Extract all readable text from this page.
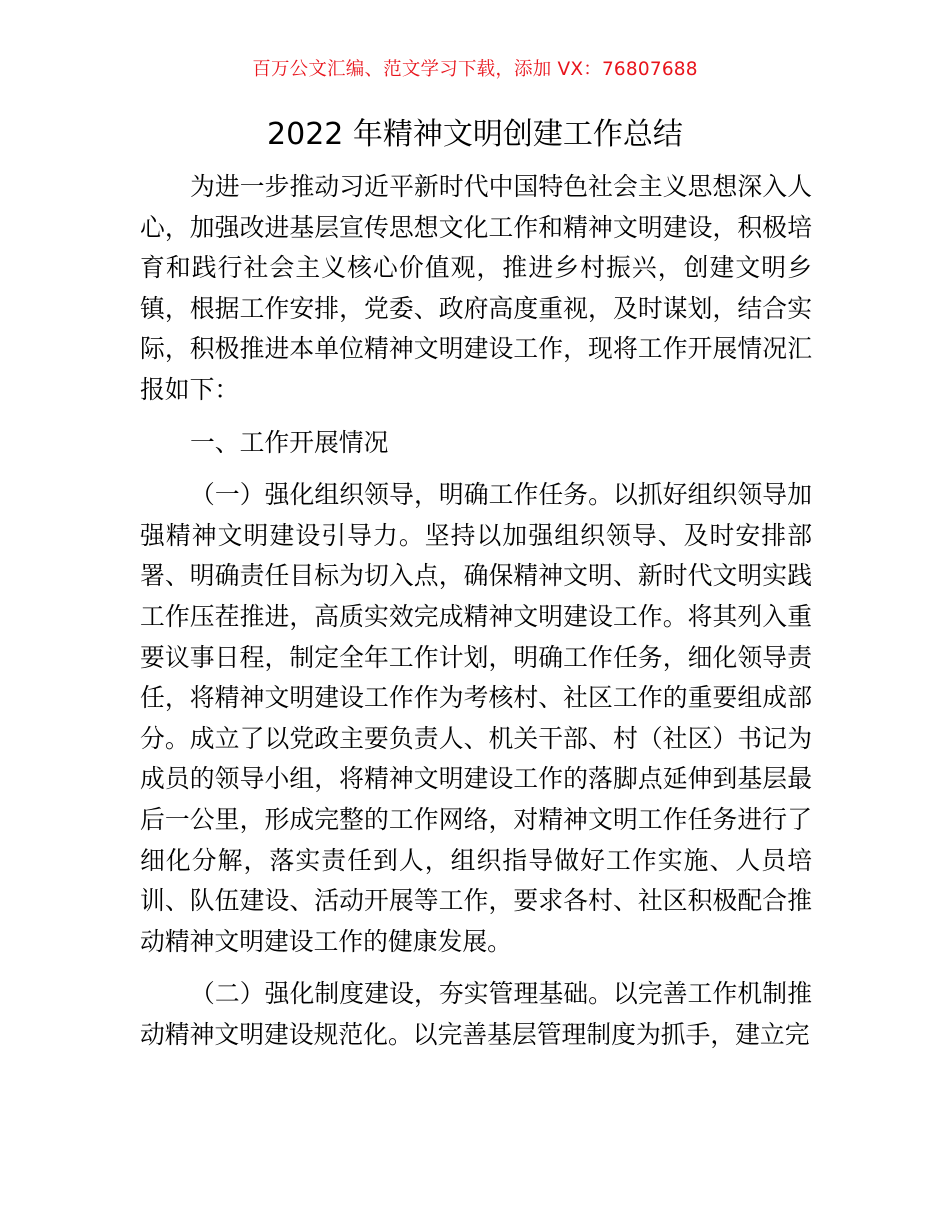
百万公文汇编、范文学习下载，添加 VX：76807688
2022 年精神文明创建工作总结

为进一步推动习近平新时代中国特色社会主义思想深入人心，加强改进基层宣传思想文化工作和精神文明建设，积极培育和践行社会主义核心价值观，推进乡村振兴，创建文明乡镇，根据工作安排，党委、政府高度重视，及时谋划，结合实际，积极推进本单位精神文明建设工作，现将工作开展情况汇报如下：

一、工作开展情况

（一）强化组织领导，明确工作任务。以抓好组织领导加强精神文明建设引导力。坚持以加强组织领导、及时安排部署、明确责任目标为切入点，确保精神文明、新时代文明实践工作压茬推进，高质实效完成精神文明建设工作。将其列入重要议事日程，制定全年工作计划，明确工作任务，细化领导责任，将精神文明建设工作作为考核村、社区工作的重要组成部分。成立了以党政主要负责人、机关干部、村（社区）书记为成员的领导小组，将精神文明建设工作的落脚点延伸到基层最后一公里，形成完整的工作网络，对精神文明工作任务进行了细化分解，落实责任到人，组织指导做好工作实施、人员培训、队伍建设、活动开展等工作，要求各村、社区积极配合推动精神文明建设工作的健康发展。

（二）强化制度建设，夯实管理基础。以完善工作机制推动精神文明建设规范化。以完善基层管理制度为抓手，建立完
